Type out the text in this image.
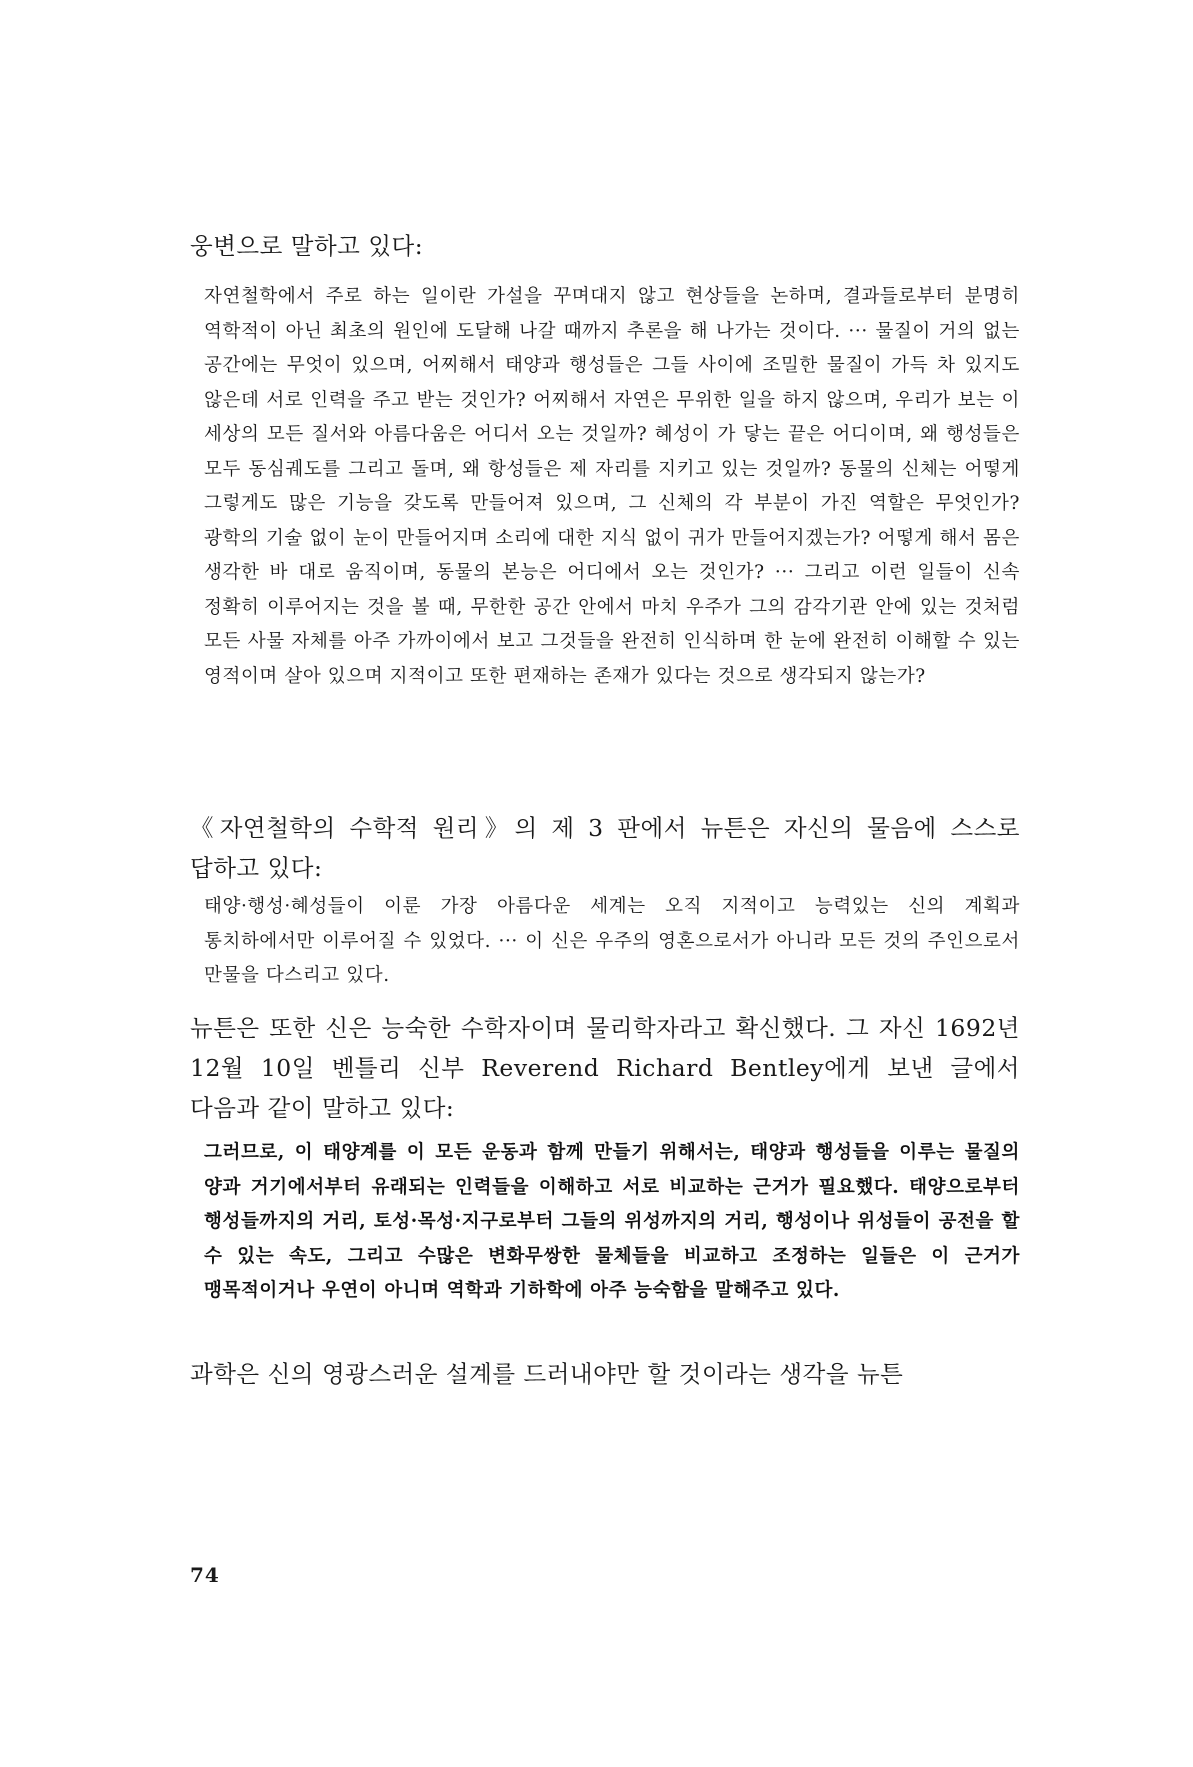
웅변으로 말하고 있다:

자연철학에서 주로 하는 일이란 가설을 꾸며대지 않고 현상들을 논하며, 결과들로부터 분명히 역학적이 아닌 최초의 원인에 도달해 나갈 때까지 추론을 해 나가는 것이다. ··· 물질이 거의 없는 공간에는 무엇이 있으며, 어찌해서 태양과 행성들은 그들 사이에 조밀한 물질이 가득 차 있지도 않은데 서로 인력을 주고 받는 것인가? 어찌해서 자연은 무위한 일을 하지 않으며, 우리가 보는 이 세상의 모든 질서와 아름다움은 어디서 오는 것일까? 혜성이 가 닿는 끝은 어디이며, 왜 행성들은 모두 동심궤도를 그리고 돌며, 왜 항성들은 제 자리를 지키고 있는 것일까? 동물의 신체는 어떻게 그렇게도 많은 기능을 갖도록 만들어져 있으며, 그 신체의 각 부분이 가진 역할은 무엇인가? 광학의 기술 없이 눈이 만들어지며 소리에 대한 지식 없이 귀가 만들어지겠는가? 어떻게 해서 몸은 생각한 바 대로 움직이며, 동물의 본능은 어디에서 오는 것인가? ··· 그리고 이런 일들이 신속 정확히 이루어지는 것을 볼 때, 무한한 공간 안에서 마치 우주가 그의 감각기관 안에 있는 것처럼 모든 사물 자체를 아주 가까이에서 보고 그것들을 완전히 인식하며 한 눈에 완전히 이해할 수 있는 영적이며 살아 있으며 지적이고 또한 편재하는 존재가 있다는 것으로 생각되지 않는가?

《자연철학의 수학적 원리》의 제 3 판에서 뉴튼은 자신의 물음에 스스로 답하고 있다:

태양·행성·혜성들이 이룬 가장 아름다운 세계는 오직 지적이고 능력있는 신의 계획과 통치하에서만 이루어질 수 있었다. ··· 이 신은 우주의 영혼으로서가 아니라 모든 것의 주인으로서 만물을 다스리고 있다.

뉴튼은 또한 신은 능숙한 수학자이며 물리학자라고 확신했다. 그 자신 1692년 12월 10일 벤틀리 신부 Reverend Richard Bentley에게 보낸 글에서 다음과 같이 말하고 있다:

그러므로, 이 태양계를 이 모든 운동과 함께 만들기 위해서는, 태양과 행성들을 이루는 물질의 양과 거기에서부터 유래되는 인력들을 이해하고 서로 비교하는 근거가 필요했다. 태양으로부터 행성들까지의 거리, 토성·목성·지구로부터 그들의 위성까지의 거리, 행성이나 위성들이 공전을 할 수 있는 속도, 그리고 수많은 변화무쌍한 물체들을 비교하고 조정하는 일들은 이 근거가 맹목적이거나 우연이 아니며 역학과 기하학에 아주 능숙함을 말해주고 있다.

과학은 신의 영광스러운 설계를 드러내야만 할 것이라는 생각을 뉴튼

74
